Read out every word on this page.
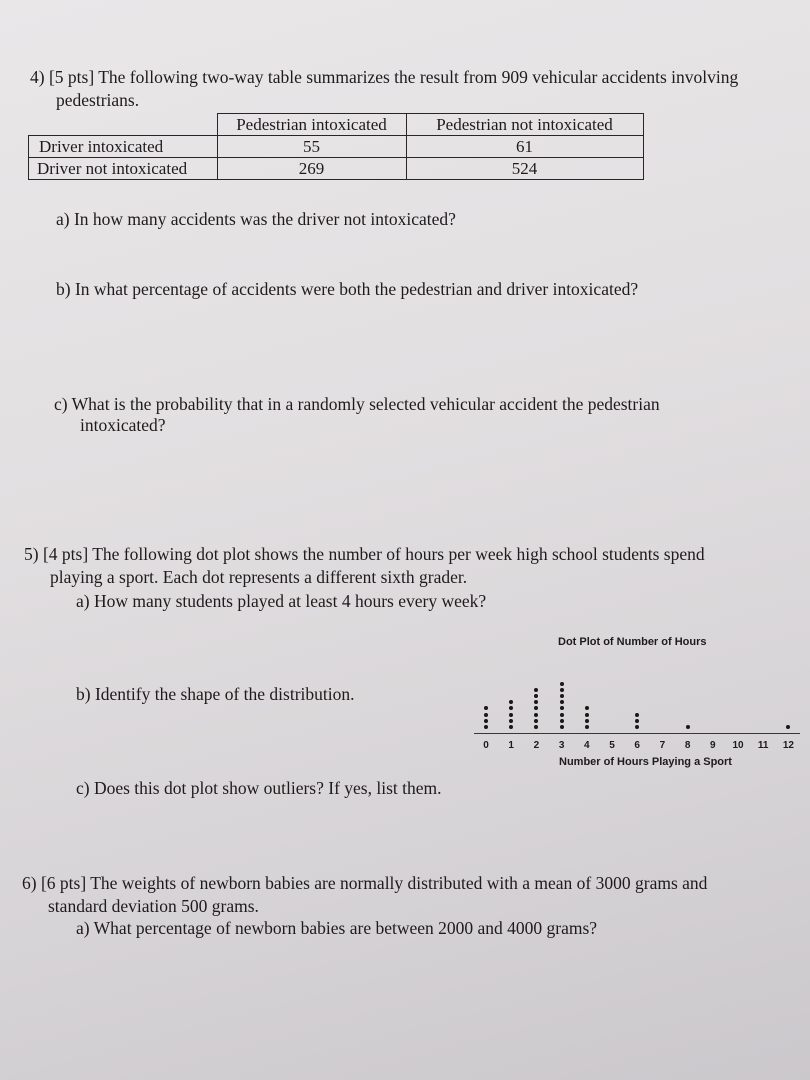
4) [5 pts] The following two-way table summarizes the result from 909 vehicular accidents involving
pedestrians.
	Pedestrian intoxicated	Pedestrian not intoxicated
Driver intoxicated	55	61
Driver not intoxicated	269	524
a) In how many accidents was the driver not intoxicated?
b) In what percentage of accidents were both the pedestrian and driver intoxicated?
c) What is the probability that in a randomly selected vehicular accident the pedestrian
intoxicated?
5) [4 pts] The following dot plot shows the number of hours per week high school students spend
playing a sport. Each dot represents a different sixth grader.
a) How many students played at least 4 hours every week?
b) Identify the shape of the distribution.
c) Does this dot plot show outliers? If yes, list them.
Dot Plot of Number of Hours
0	1	2	3	4	5	6	7	8	9	10	11	12
Number of Hours Playing a Sport
6) [6 pts] The weights of newborn babies are normally distributed with a mean of 3000 grams and
standard deviation 500 grams.
a) What percentage of newborn babies are between 2000 and 4000 grams?
